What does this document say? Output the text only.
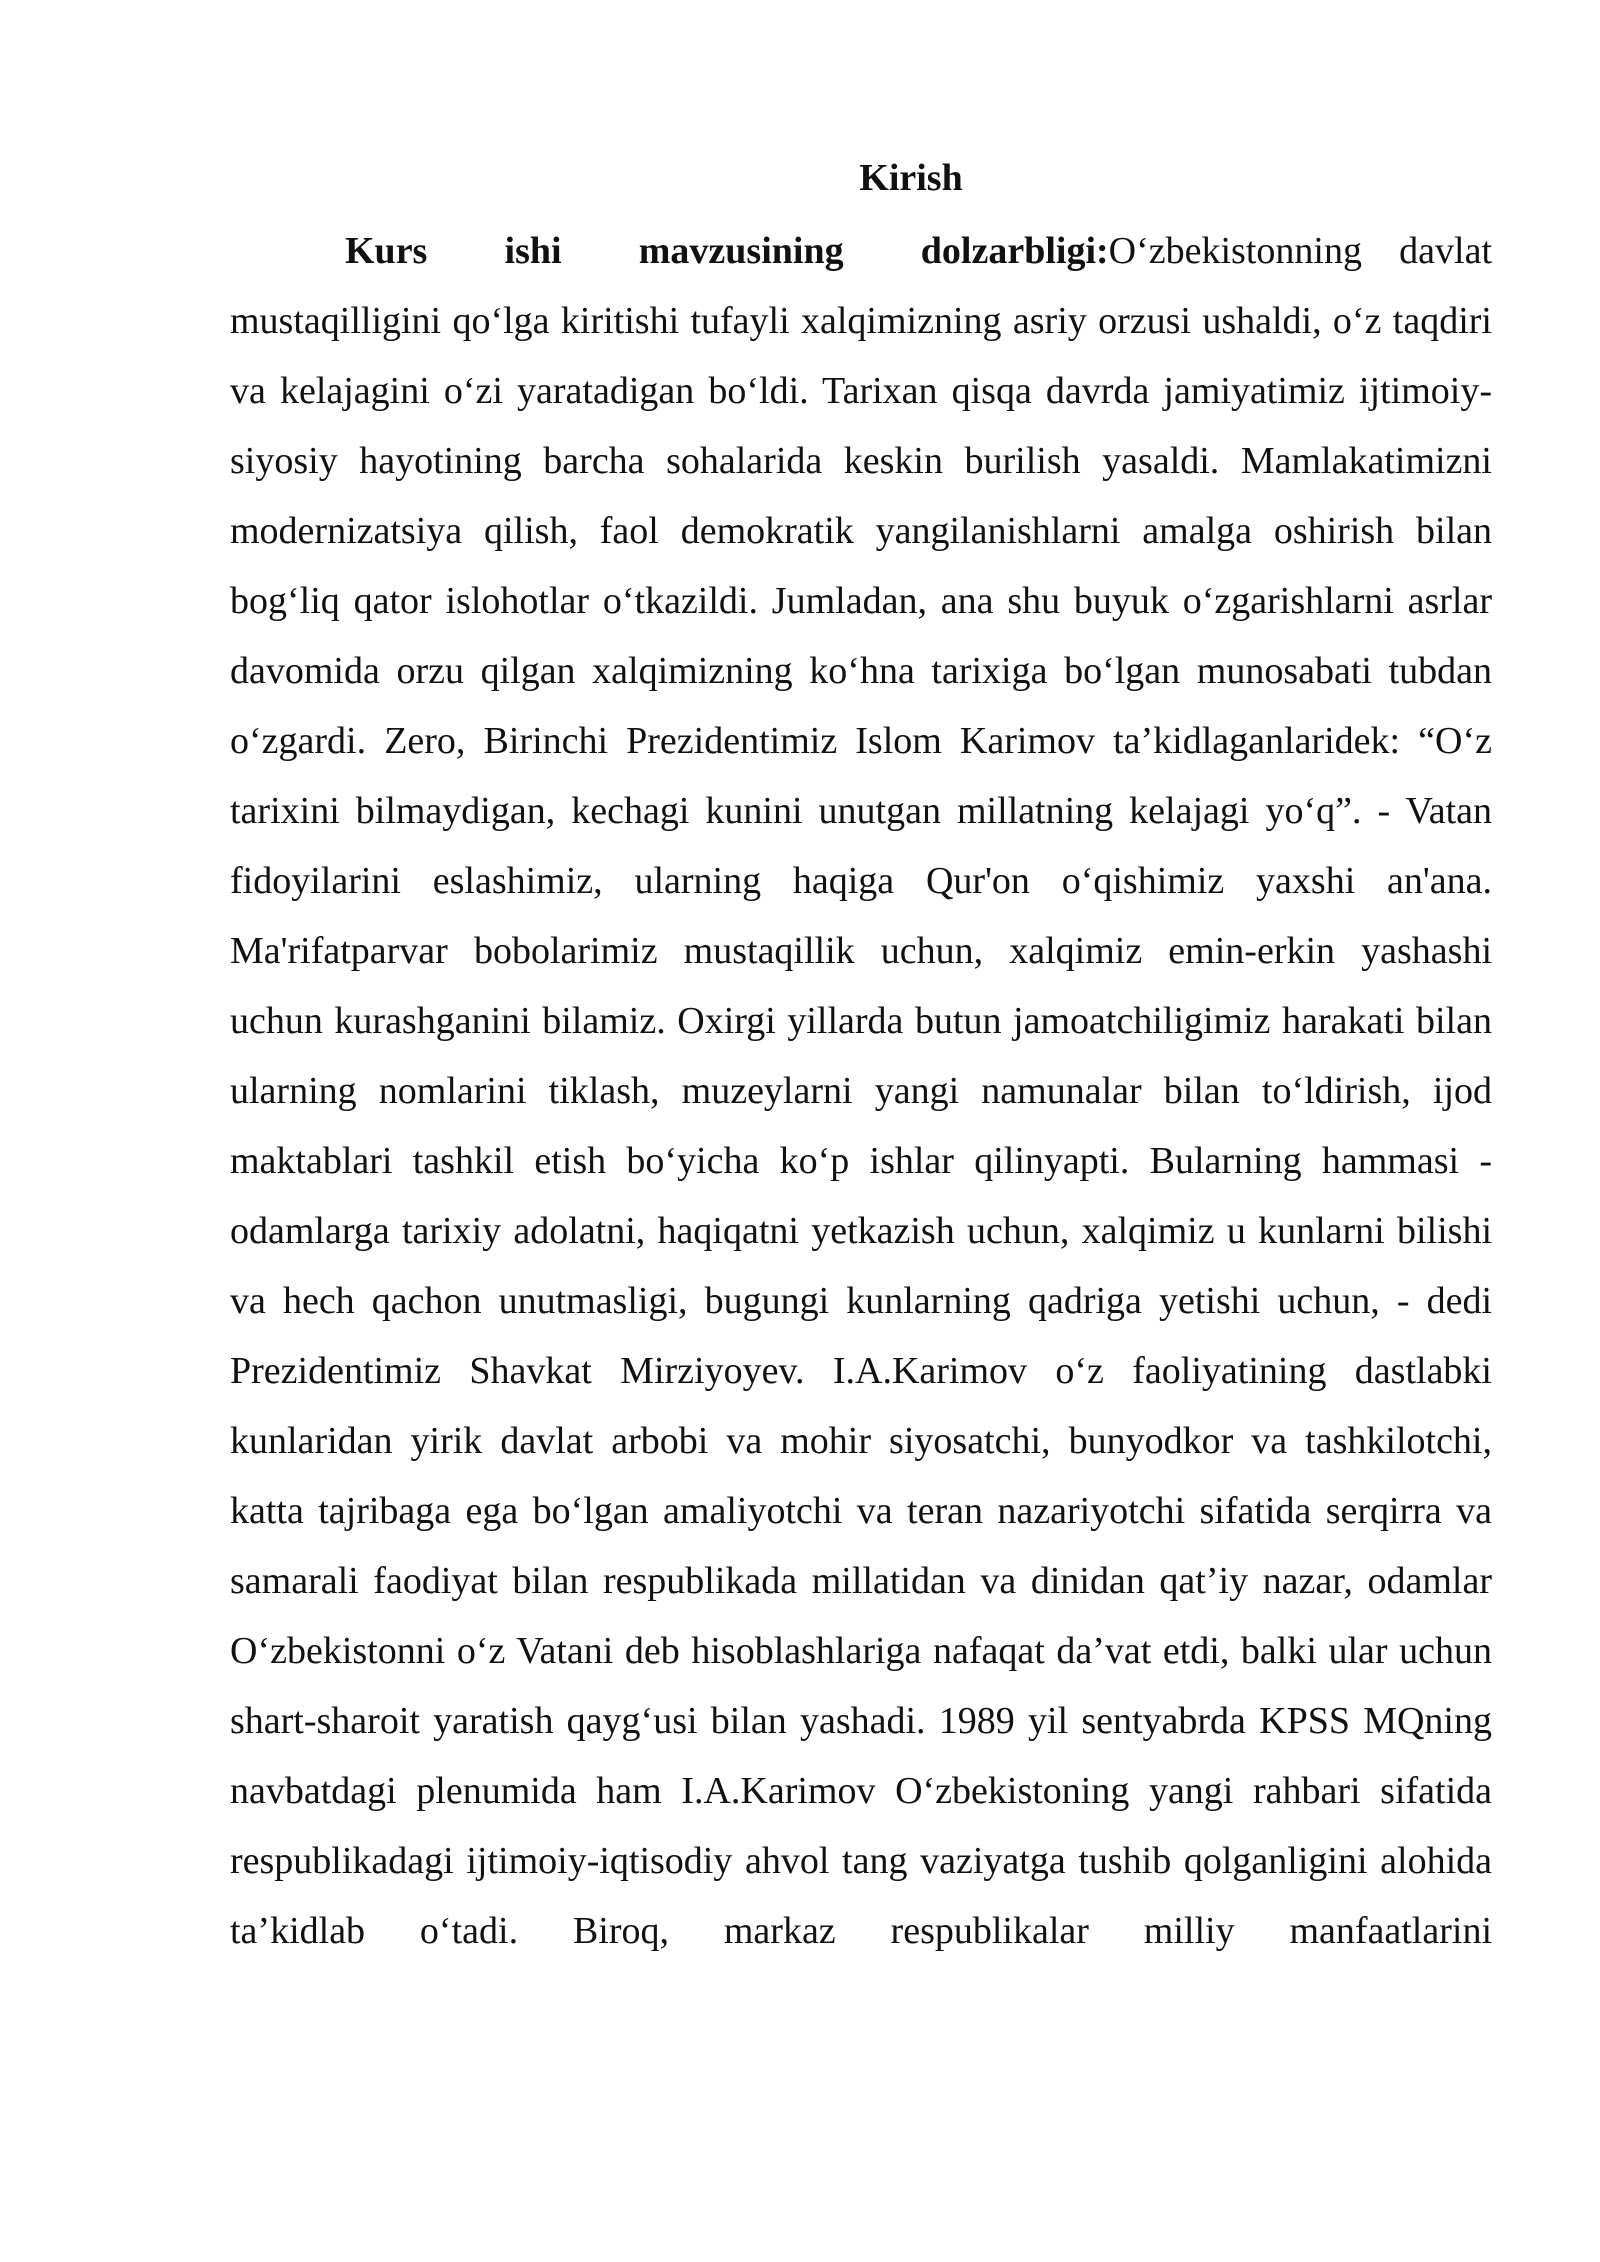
Kirish

Kurs ishi mavzusining dolzarbligi:O‘zbekistonning davlat mustaqilligini qo‘lga kiritishi tufayli xalqimizning asriy orzusi ushaldi, o‘z taqdiri va kelajagini o‘zi yaratadigan bo‘ldi. Tarixan qisqa davrda jamiyatimiz ijtimoiy-siyosiy hayotining barcha sohalarida keskin burilish yasaldi. Mamlakatimizni modernizatsiya qilish, faol demokratik yangilanishlarni amalga oshirish bilan bog‘liq qator islohotlar o‘tkazildi. Jumladan, ana shu buyuk o‘zgarishlarni asrlar davomida orzu qilgan xalqimizning ko‘hna tarixiga bo‘lgan munosabati tubdan o‘zgardi. Zero, Birinchi Prezidentimiz Islom Karimov ta’kidlaganlaridek: “O‘z tarixini bilmaydigan, kechagi kunini unutgan millatning kelajagi yo‘q”. - Vatan fidoyilarini eslashimiz, ularning haqiga Qur'on o‘qishimiz yaxshi an'ana. Ma'rifatparvar bobolarimiz mustaqillik uchun, xalqimiz emin-erkin yashashi uchun kurashganini bilamiz. Oxirgi yillarda butun jamoatchiligimiz harakati bilan ularning nomlarini tiklash, muzeylarni yangi namunalar bilan to‘ldirish, ijod maktablari tashkil etish bo‘yicha ko‘p ishlar qilinyapti. Bularning hammasi - odamlarga tarixiy adolatni, haqiqatni yetkazish uchun, xalqimiz u kunlarni bilishi va hech qachon unutmasligi, bugungi kunlarning qadriga yetishi uchun, - dedi Prezidentimiz Shavkat Mirziyoyev. I.A.Karimov o‘z faoliyatining dastlabki kunlaridan yirik davlat arbobi va mohir siyosatchi, bunyodkor va tashkilotchi, katta tajribaga ega bo‘lgan amaliyotchi va teran nazariyotchi sifatida serqirra va samarali faodiyat bilan respublikada millatidan va dinidan qat’iy nazar, odamlar O‘zbekistonni o‘z Vatani deb hisoblashlariga nafaqat da’vat etdi, balki ular uchun shart-sharoit yaratish qayg‘usi bilan yashadi. 1989 yil sentyabrda KPSS MQning navbatdagi plenumida ham I.A.Karimov O‘zbekistoning yangi rahbari sifatida respublikadagi ijtimoiy-iqtisodiy ahvol tang vaziyatga tushib qolganligini alohida ta’kidlab o‘tadi. Biroq, markaz respublikalar milliy manfaatlarini
